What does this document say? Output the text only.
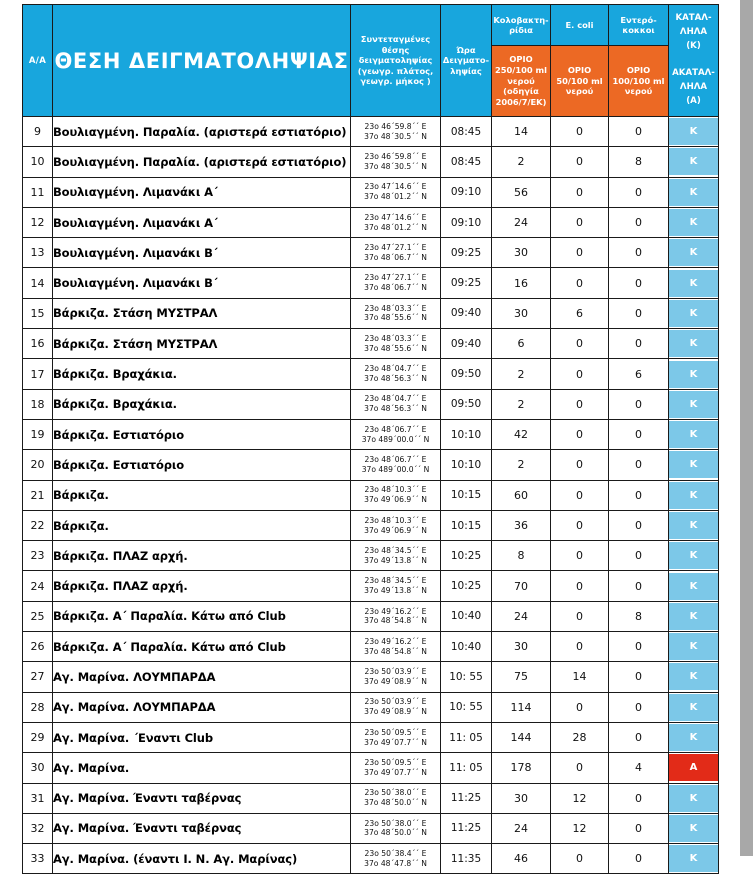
A/A	ΘΕΣΗ ΔΕΙΓΜΑΤΟΛΗΨΙΑΣ	Συντεταγμένες θέσης δειγματοληψίας (γεωγρ. πλάτος, γεωγρ. μήκος )	Ώρα Δειγματο-ληψίας	Κολοβακτη-ρίδια	E. coli	Εντερό-κοκκοι	ΚΑΤΑΛ-
ΛΗΛΑ
(Κ)

ΑΚΑΤΑΛ-
ΛΗΛΑ
(Α)
				ΟΡΙΟ 250/100 ml νερού (οδηγία 2006/7/ΕΚ)	ΟΡΙΟ 50/100 ml νερού	ΟΡΙΟ 100/100 ml νερού	
9	Βουλιαγμένη. Παραλία. (αριστερά εστιατόριο)	23ο 46΄59.8΄΄ Ε
37ο 48΄30.5΄΄ Ν	08:45	14	0	0	Κ

10	Βουλιαγμένη. Παραλία. (αριστερά εστιατόριο)	23ο 46΄59.8΄΄ Ε
37ο 48΄30.5΄΄ Ν	08:45	2	0	8	Κ

11	Βουλιαγμένη. Λιμανάκι Α΄	23ο 47΄14.6΄΄ Ε
37ο 48΄01.2΄΄ Ν	09:10	56	0	0	Κ

12	Βουλιαγμένη. Λιμανάκι Α΄	23ο 47΄14.6΄΄ Ε
37ο 48΄01.2΄΄ Ν	09:10	24	0	0	Κ

13	Βουλιαγμένη. Λιμανάκι Β΄	23ο 47΄27.1΄΄ Ε
37ο 48΄06.7΄΄ Ν	09:25	30	0	0	Κ

14	Βουλιαγμένη. Λιμανάκι Β΄	23ο 47΄27.1΄΄ Ε
37ο 48΄06.7΄΄ Ν	09:25	16	0	0	Κ

15	Βάρκιζα. Στάση ΜΥΣΤΡΑΛ	23ο 48΄03.3΄΄ Ε
37ο 48΄55.6΄΄ Ν	09:40	30	6	0	Κ

16	Βάρκιζα. Στάση ΜΥΣΤΡΑΛ	23ο 48΄03.3΄΄ Ε
37ο 48΄55.6΄΄ Ν	09:40	6	0	0	Κ

17	Βάρκιζα. Βραχάκια.	23ο 48΄04.7΄΄ Ε
37ο 48΄56.3΄΄ Ν	09:50	2	0	6	Κ

18	Βάρκιζα. Βραχάκια.	23ο 48΄04.7΄΄ Ε
37ο 48΄56.3΄΄ Ν	09:50	2	0	0	Κ

19	Βάρκιζα. Εστιατόριο	23ο 48΄06.7΄΄ Ε
37ο 489΄00.0΄΄ Ν	10:10	42	0	0	Κ

20	Βάρκιζα. Εστιατόριο	23ο 48΄06.7΄΄ Ε
37ο 489΄00.0΄΄ Ν	10:10	2	0	0	Κ

21	Βάρκιζα.	23ο 48΄10.3΄΄ Ε
37ο 49΄06.9΄΄ Ν	10:15	60	0	0	Κ

22	Βάρκιζα.	23ο 48΄10.3΄΄ Ε
37ο 49΄06.9΄΄ Ν	10:15	36	0	0	Κ

23	Βάρκιζα. ΠΛΑΖ αρχή.	23ο 48΄34.5΄΄ Ε
37ο 49΄13.8΄΄ Ν	10:25	8	0	0	Κ

24	Βάρκιζα. ΠΛΑΖ αρχή.	23ο 48΄34.5΄΄ Ε
37ο 49΄13.8΄΄ Ν	10:25	70	0	0	Κ

25	Βάρκιζα. Α΄ Παραλία. Κάτω από Club	23ο 49΄16.2΄΄ Ε
37ο 48΄54.8΄΄ Ν	10:40	24	0	8	Κ

26	Βάρκιζα. Α΄ Παραλία. Κάτω από Club	23ο 49΄16.2΄΄ Ε
37ο 48΄54.8΄΄ Ν	10:40	30	0	0	Κ

27	Αγ. Μαρίνα. ΛΟΥΜΠΑΡΔΑ	23ο 50΄03.9΄΄ Ε
37ο 49΄08.9΄΄ Ν	10: 55	75	14	0	Κ

28	Αγ. Μαρίνα. ΛΟΥΜΠΑΡΔΑ	23ο 50΄03.9΄΄ Ε
37ο 49΄08.9΄΄ Ν	10: 55	114	0	0	Κ

29	Αγ. Μαρίνα. ΄Εναντι Club	23ο 50΄09.5΄΄ Ε
37ο 49΄07.7΄΄ Ν	11: 05	144	28	0	Κ

30	Αγ. Μαρίνα.	23ο 50΄09.5΄΄ Ε
37ο 49΄07.7΄΄ Ν	11: 05	178	0	4	Α

31	Αγ. Μαρίνα. Έναντι ταβέρνας	23ο 50΄38.0΄΄ Ε
37ο 48΄50.0΄΄ Ν	11:25	30	12	0	Κ

32	Αγ. Μαρίνα. Έναντι ταβέρνας	23ο 50΄38.0΄΄ Ε
37ο 48΄50.0΄΄ Ν	11:25	24	12	0	Κ

33	Αγ. Μαρίνα. (έναντι Ι. Ν. Αγ. Μαρίνας)	23ο 50΄38.4΄΄ Ε
37ο 48΄47.8΄΄ Ν	11:35	46	0	0	Κ
